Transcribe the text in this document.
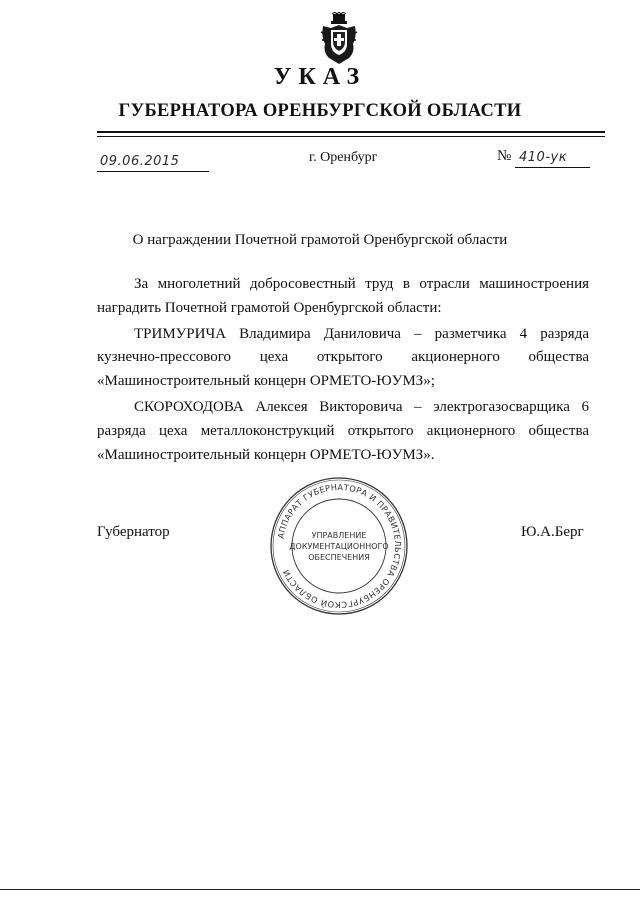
УКАЗ
ГУБЕРНАТОРА ОРЕНБУРГСКОЙ ОБЛАСТИ
09.06.2015	г. Оренбург	№ 410-ук
О награждении Почетной грамотой Оренбургской области

За многолетний добросовестный труд в отрасли машиностроения наградить Почетной грамотой Оренбургской области:

ТРИМУРИЧА Владимира Даниловича – разметчика 4 разряда кузнечно-прессового цеха открытого акционерного общества «Машиностроительный концерн ОРМЕТО-ЮУМЗ»;

СКОРОХОДОВА Алексея Викторовича – электрогазосварщика 6 разряда цеха металлоконструкций открытого акционерного общества «Машиностроительный концерн ОРМЕТО-ЮУМЗ».

Губернатор	Ю.А.Берг
АППАРАТ ГУБЕРНАТОРА И ПРАВИТЕЛЬСТВА ОРЕНБУРГСКОЙ ОБЛАСТИ
УПРАВЛЕНИЕ
ДОКУМЕНТАЦИОННОГО
ОБЕСПЕЧЕНИЯ
